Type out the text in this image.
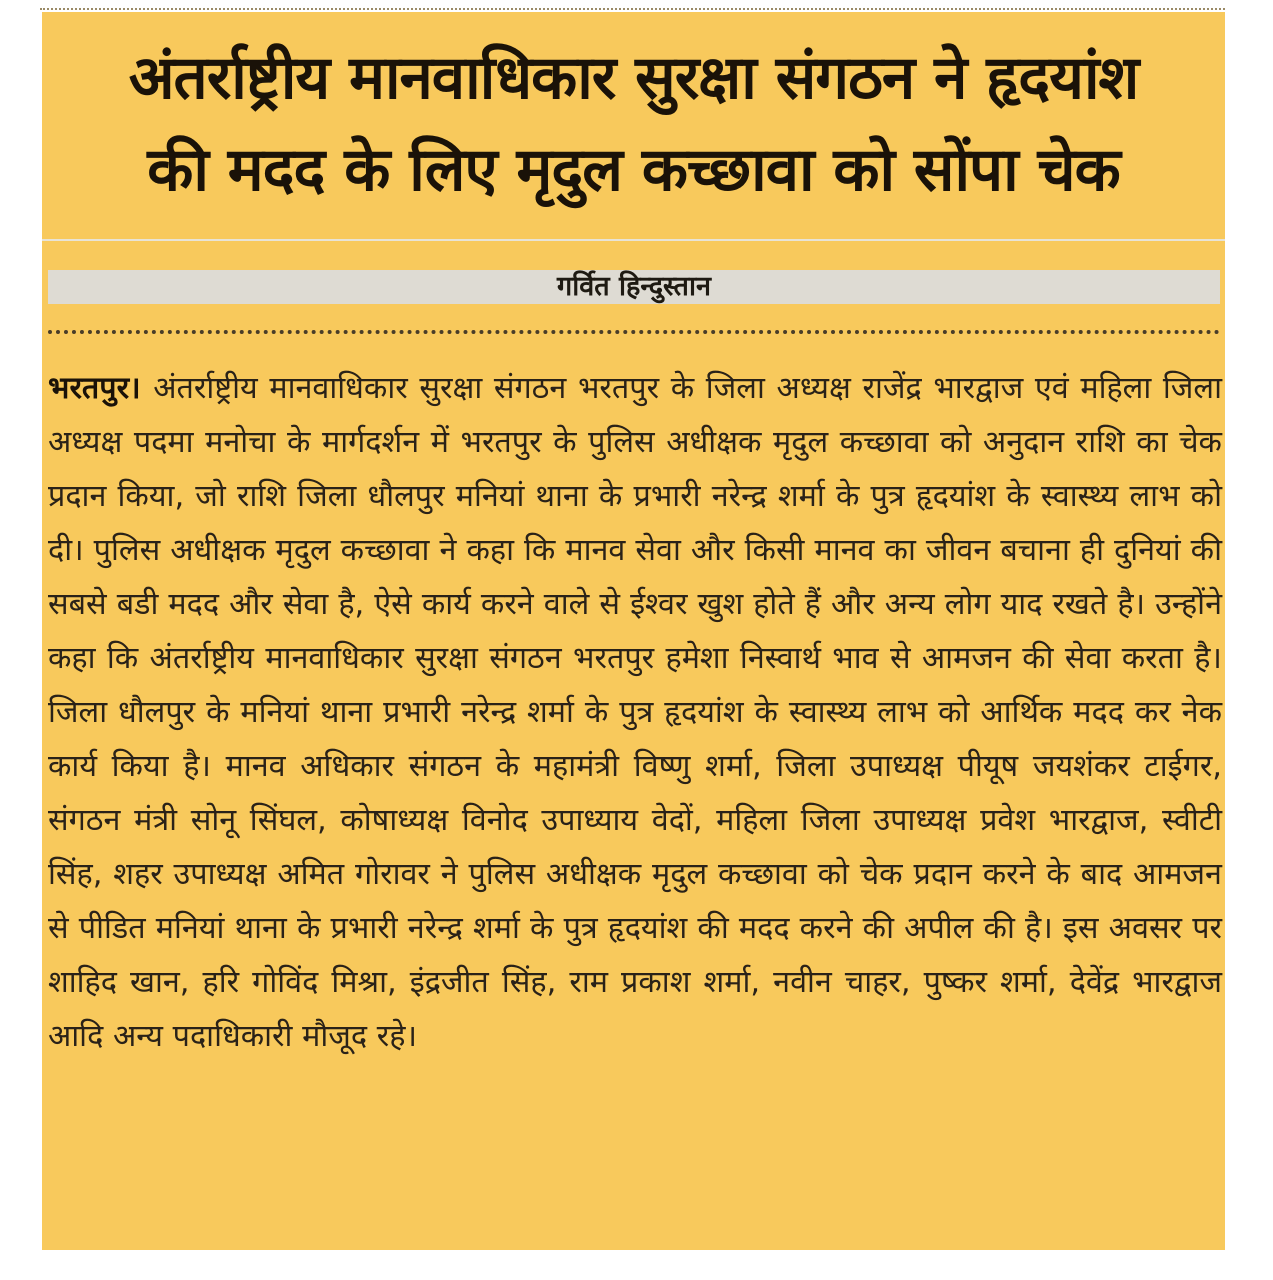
अंतर्राष्ट्रीय मानवाधिकार सुरक्षा संगठन ने हृदयांश
की मदद के लिए मृदुल कच्छावा को सोंपा चेक
गर्वित हिन्दुस्तान

भरतपुर। अंतर्राष्ट्रीय मानवाधिकार सुरक्षा संगठन भरतपुर के जिला अध्यक्ष राजेंद्र भारद्वाज एवं महिला जिला अध्यक्ष पदमा मनोचा के मार्गदर्शन में भरतपुर के पुलिस अधीक्षक मृदुल कच्छावा को अनुदान राशि का चेक प्रदान किया, जो राशि जिला धौलपुर मनियां थाना के प्रभारी नरेन्द्र शर्मा के पुत्र हृदयांश के स्वास्थ्य लाभ को दी। पुलिस अधीक्षक मृदुल कच्छावा ने कहा कि मानव सेवा और किसी मानव का जीवन बचाना ही दुनियां की सबसे बडी मदद और सेवा है, ऐसे कार्य करने वाले से ईश्वर खुश होते हैं और अन्य लोग याद रखते है। उन्होंने कहा कि अंतर्राष्ट्रीय मानवाधिकार सुरक्षा संगठन भरतपुर हमेशा निस्वार्थ भाव से आमजन की सेवा करता है। जिला धौलपुर के मनियां थाना प्रभारी नरेन्द्र शर्मा के पुत्र हृदयांश के स्वास्थ्य लाभ को आर्थिक मदद कर नेक कार्य किया है। मानव अधिकार संगठन के महामंत्री विष्णु शर्मा, जिला उपाध्यक्ष पीयूष जयशंकर टाईगर, संगठन मंत्री सोनू सिंघल, कोषाध्यक्ष विनोद उपाध्याय वेदों, महिला जिला उपाध्यक्ष प्रवेश भारद्वाज, स्वीटी सिंह, शहर उपाध्यक्ष अमित गोरावर ने पुलिस अधीक्षक मृदुल कच्छावा को चेक प्रदान करने के बाद आमजन से पीडित मनियां थाना के प्रभारी नरेन्द्र शर्मा के पुत्र हृदयांश की मदद करने की अपील की है। इस अवसर पर शाहिद खान, हरि गोविंद मिश्रा, इंद्रजीत सिंह, राम प्रकाश शर्मा, नवीन चाहर, पुष्कर शर्मा, देवेंद्र भारद्वाज आदि अन्य पदाधिकारी मौजूद रहे।
